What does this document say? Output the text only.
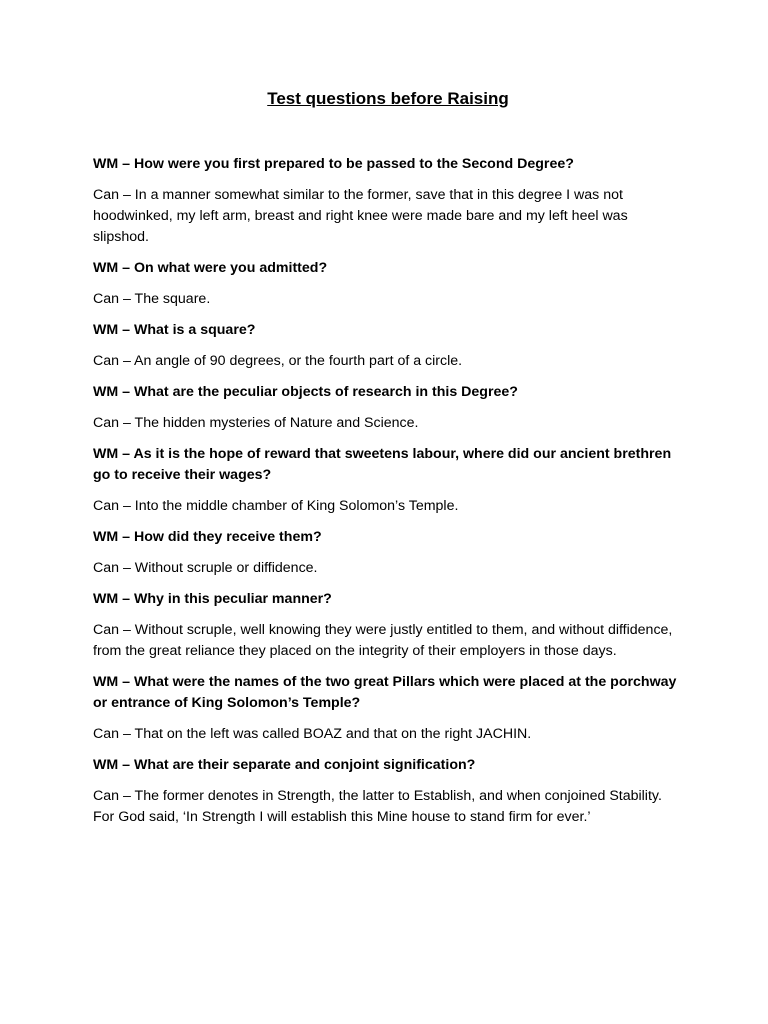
Test questions before Raising

WM – How were you first prepared to be passed to the Second Degree?

Can – In a manner somewhat similar to the former, save that in this degree I was not hoodwinked, my left arm, breast and right knee were made bare and my left heel was slipshod.

WM – On what were you admitted?

Can – The square.

WM – What is a square?

Can – An angle of 90 degrees, or the fourth part of a circle.

WM – What are the peculiar objects of research in this Degree?

Can – The hidden mysteries of Nature and Science.

WM – As it is the hope of reward that sweetens labour, where did our ancient brethren go to receive their wages?

Can – Into the middle chamber of King Solomon’s Temple.

WM – How did they receive them?

Can – Without scruple or diffidence.

WM – Why in this peculiar manner?

Can – Without scruple, well knowing they were justly entitled to them, and without diffidence, from the great reliance they placed on the integrity of their employers in those days.

WM – What were the names of the two great Pillars which were placed at the porchway or entrance of King Solomon’s Temple?

Can – That on the left was called BOAZ and that on the right JACHIN.

WM – What are their separate and conjoint signification?

Can – The former denotes in Strength, the latter to Establish, and when conjoined Stability. For God said, ‘In Strength I will establish this Mine house to stand firm for ever.’
